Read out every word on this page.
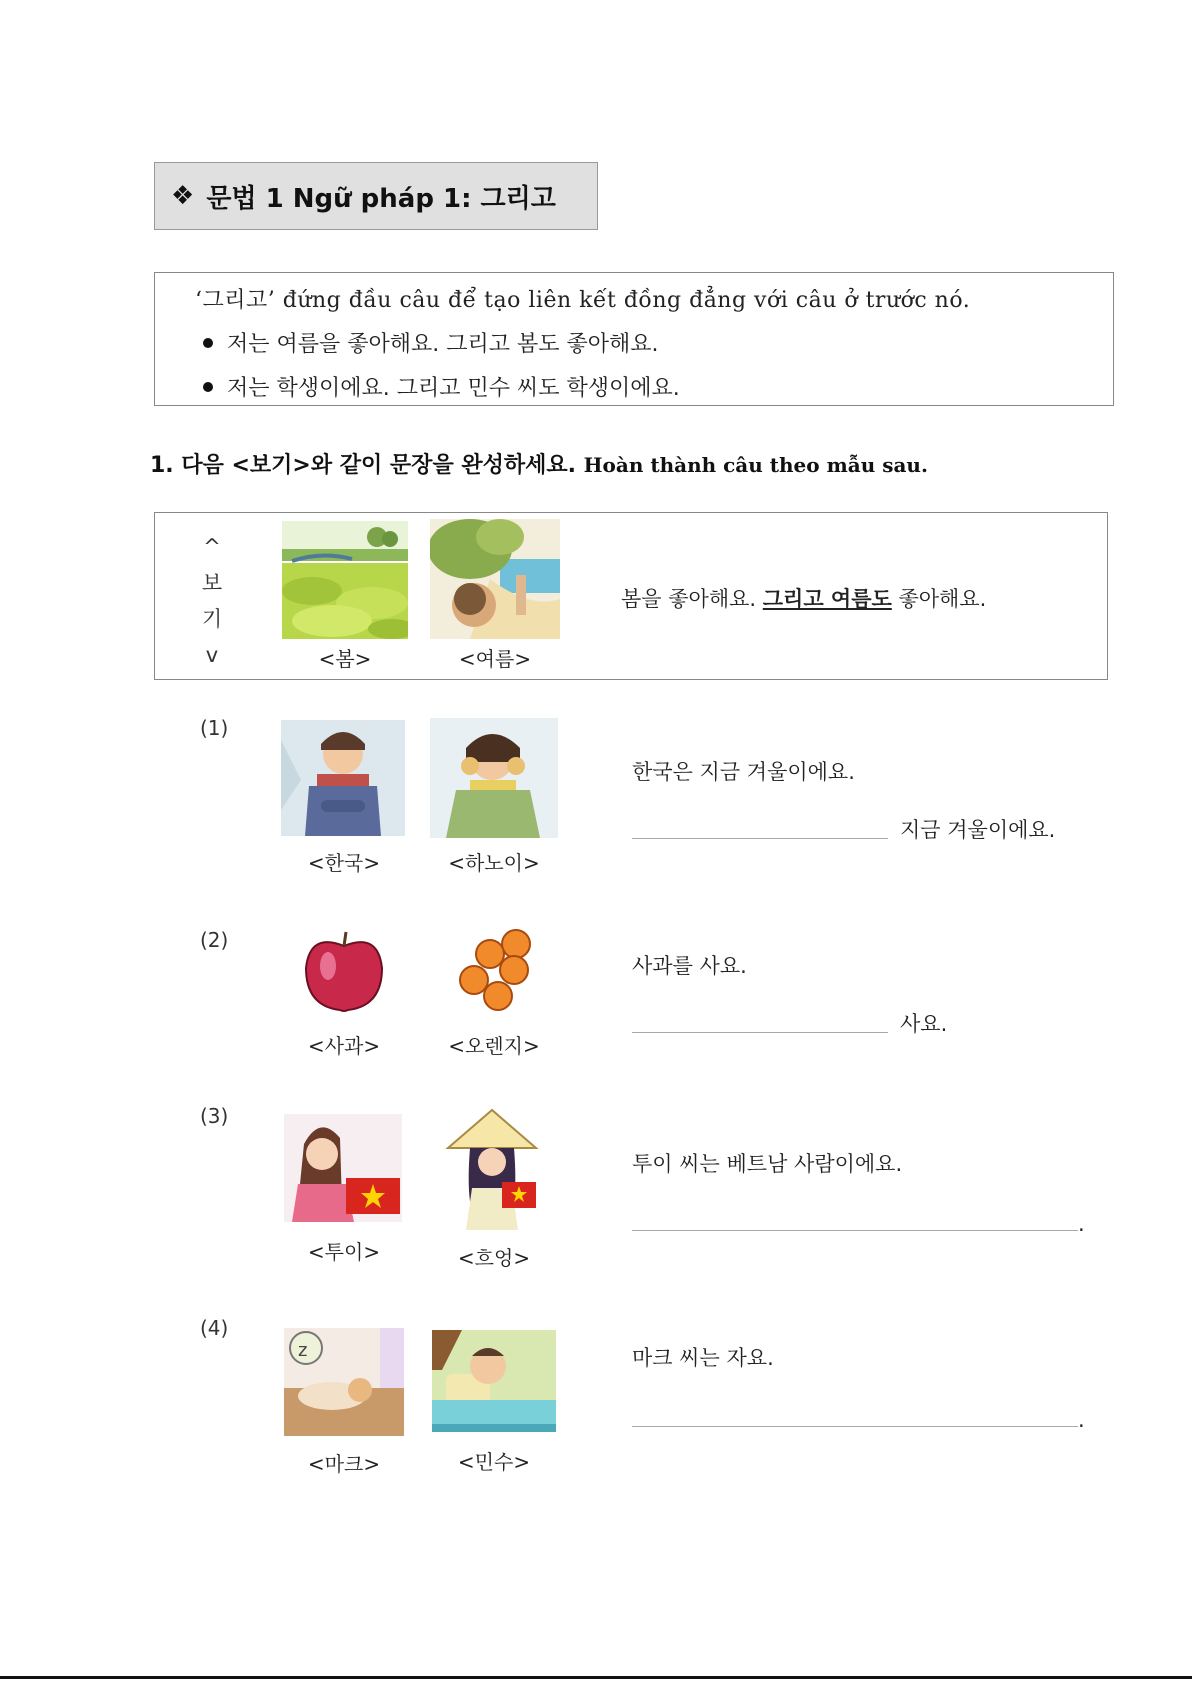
❖ 문법 1 Ngữ pháp 1: 그리고
‘그리고’ đứng đầu câu để tạo liên kết đồng đẳng với câu ở trước nó.
저는 여름을 좋아해요. 그리고 봄도 좋아해요.
저는 학생이에요. 그리고 민수 씨도 학생이에요.
1. 다음 <보기>와 같이 문장을 완성하세요. Hoàn thành câu theo mẫu sau.
^
보
기
v	<봄>	<여름>
봄을 좋아해요. 그리고 여름도 좋아해요.
(1)
<한국>	<하노이>
한국은 지금 겨울이에요.
지금 겨울이에요.
(2)
<사과>	<오렌지>
사과를 사요.
사요.
(3)
<투이>	<흐엉>
투이 씨는 베트남 사람이에요.
.
(4)
z
<마크>	<민수>
마크 씨는 자요.
.
